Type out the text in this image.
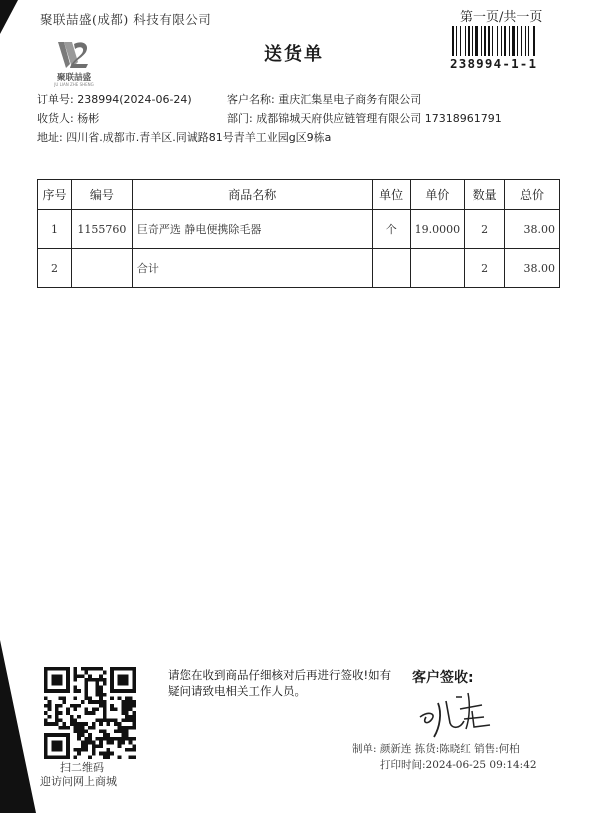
聚联喆盛(成都) 科技有限公司	第一页/共一页
238994-1-1
聚联喆盛
JU LIAN ZHE SHENG
送货单
订单号: 238994(2024-06-24)	客户名称: 重庆汇集星电子商务有限公司
收货人: 杨彬	部门: 成都锦城天府供应链管理有限公司 17318961791
地址: 四川省.成都市.青羊区.同诚路81号青羊工业园g区9栋a
序号	编号	商品名称	单位	单价	数量	总价
1	1155760	巨奇严选 静电便携除毛器	个	19.0000	2	38.00
2		合计			2	38.00
扫二维码
迎访问网上商城
请您在收到商品仔细核对后再进行签收!如有疑问请致电相关工作人员。
客户签收:
制单: 颜新连 拣货:陈晓红 销售:何柏
打印时间:2024-06-25 09:14:42
